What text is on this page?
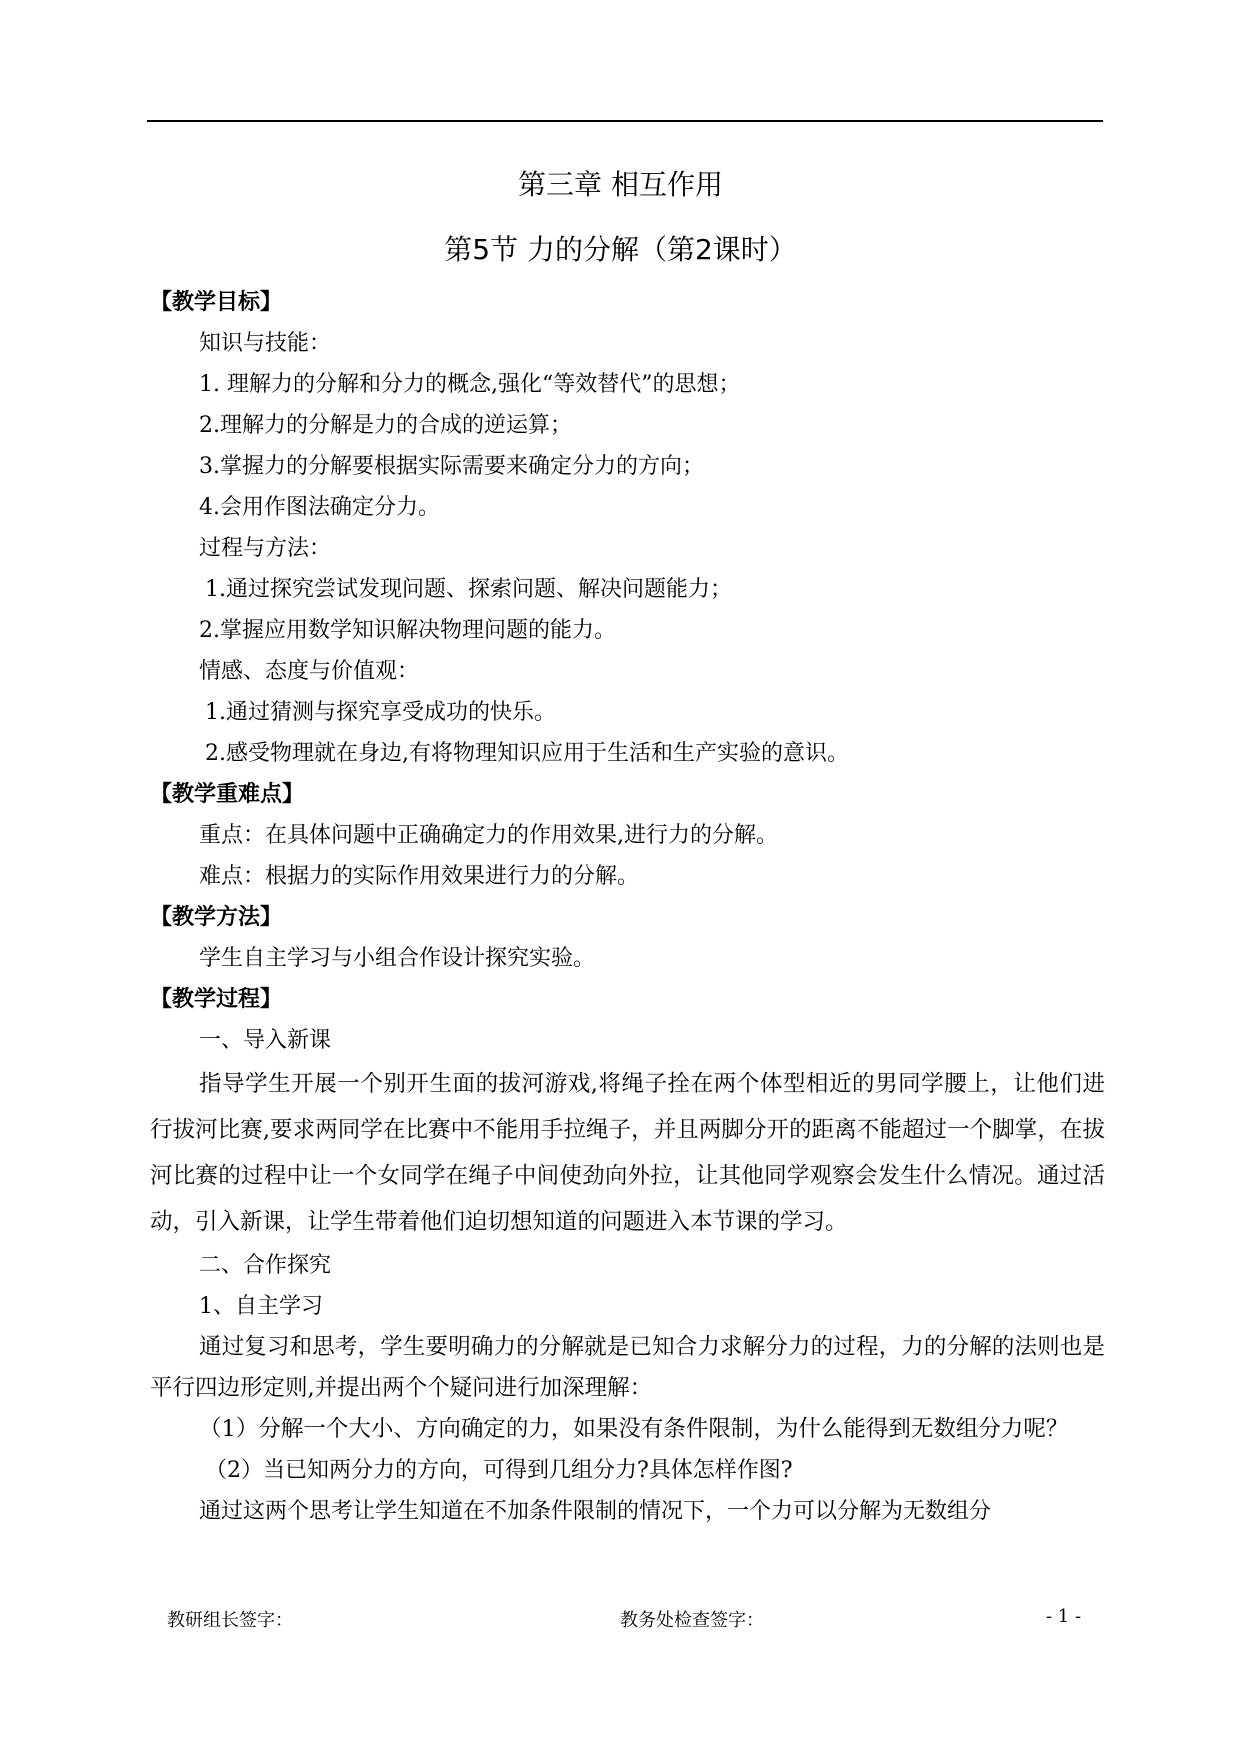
第三章 相互作用
第5节 力的分解（第2课时）
【教学目标】
知识与技能：
1. 理解力的分解和分力的概念,强化“等效替代”的思想；
2.理解力的分解是力的合成的逆运算；
3.掌握力的分解要根据实际需要来确定分力的方向；
4.会用作图法确定分力。
过程与方法：
1.通过探究尝试发现问题、探索问题、解决问题能力；
2.掌握应用数学知识解决物理问题的能力。
情感、态度与价值观：
1.通过猜测与探究享受成功的快乐。
2.感受物理就在身边,有将物理知识应用于生活和生产实验的意识。
【教学重难点】
重点：在具体问题中正确确定力的作用效果,进行力的分解。
难点：根据力的实际作用效果进行力的分解。
【教学方法】
学生自主学习与小组合作设计探究实验。
【教学过程】
一、导入新课

指导学生开展一个别开生面的拔河游戏,将绳子拴在两个体型相近的男同学腰上，让他们进行拔河比赛,要求两同学在比赛中不能用手拉绳子，并且两脚分开的距离不能超过一个脚掌，在拔河比赛的过程中让一个女同学在绳子中间使劲向外拉，让其他同学观察会发生什么情况。通过活动，引入新课，让学生带着他们迫切想知道的问题进入本节课的学习。

二、合作探究
1、自主学习

通过复习和思考，学生要明确力的分解就是已知合力求解分力的过程，力的分解的法则也是平行四边形定则,并提出两个个疑问进行加深理解：

（1）分解一个大小、方向确定的力，如果没有条件限制，为什么能得到无数组分力呢？

（2）当已知两分力的方向，可得到几组分力?具体怎样作图?
通过这两个思考让学生知道在不加条件限制的情况下，一个力可以分解为无数组分
教研组长签字：	教务处检查签字：	- 1 -
